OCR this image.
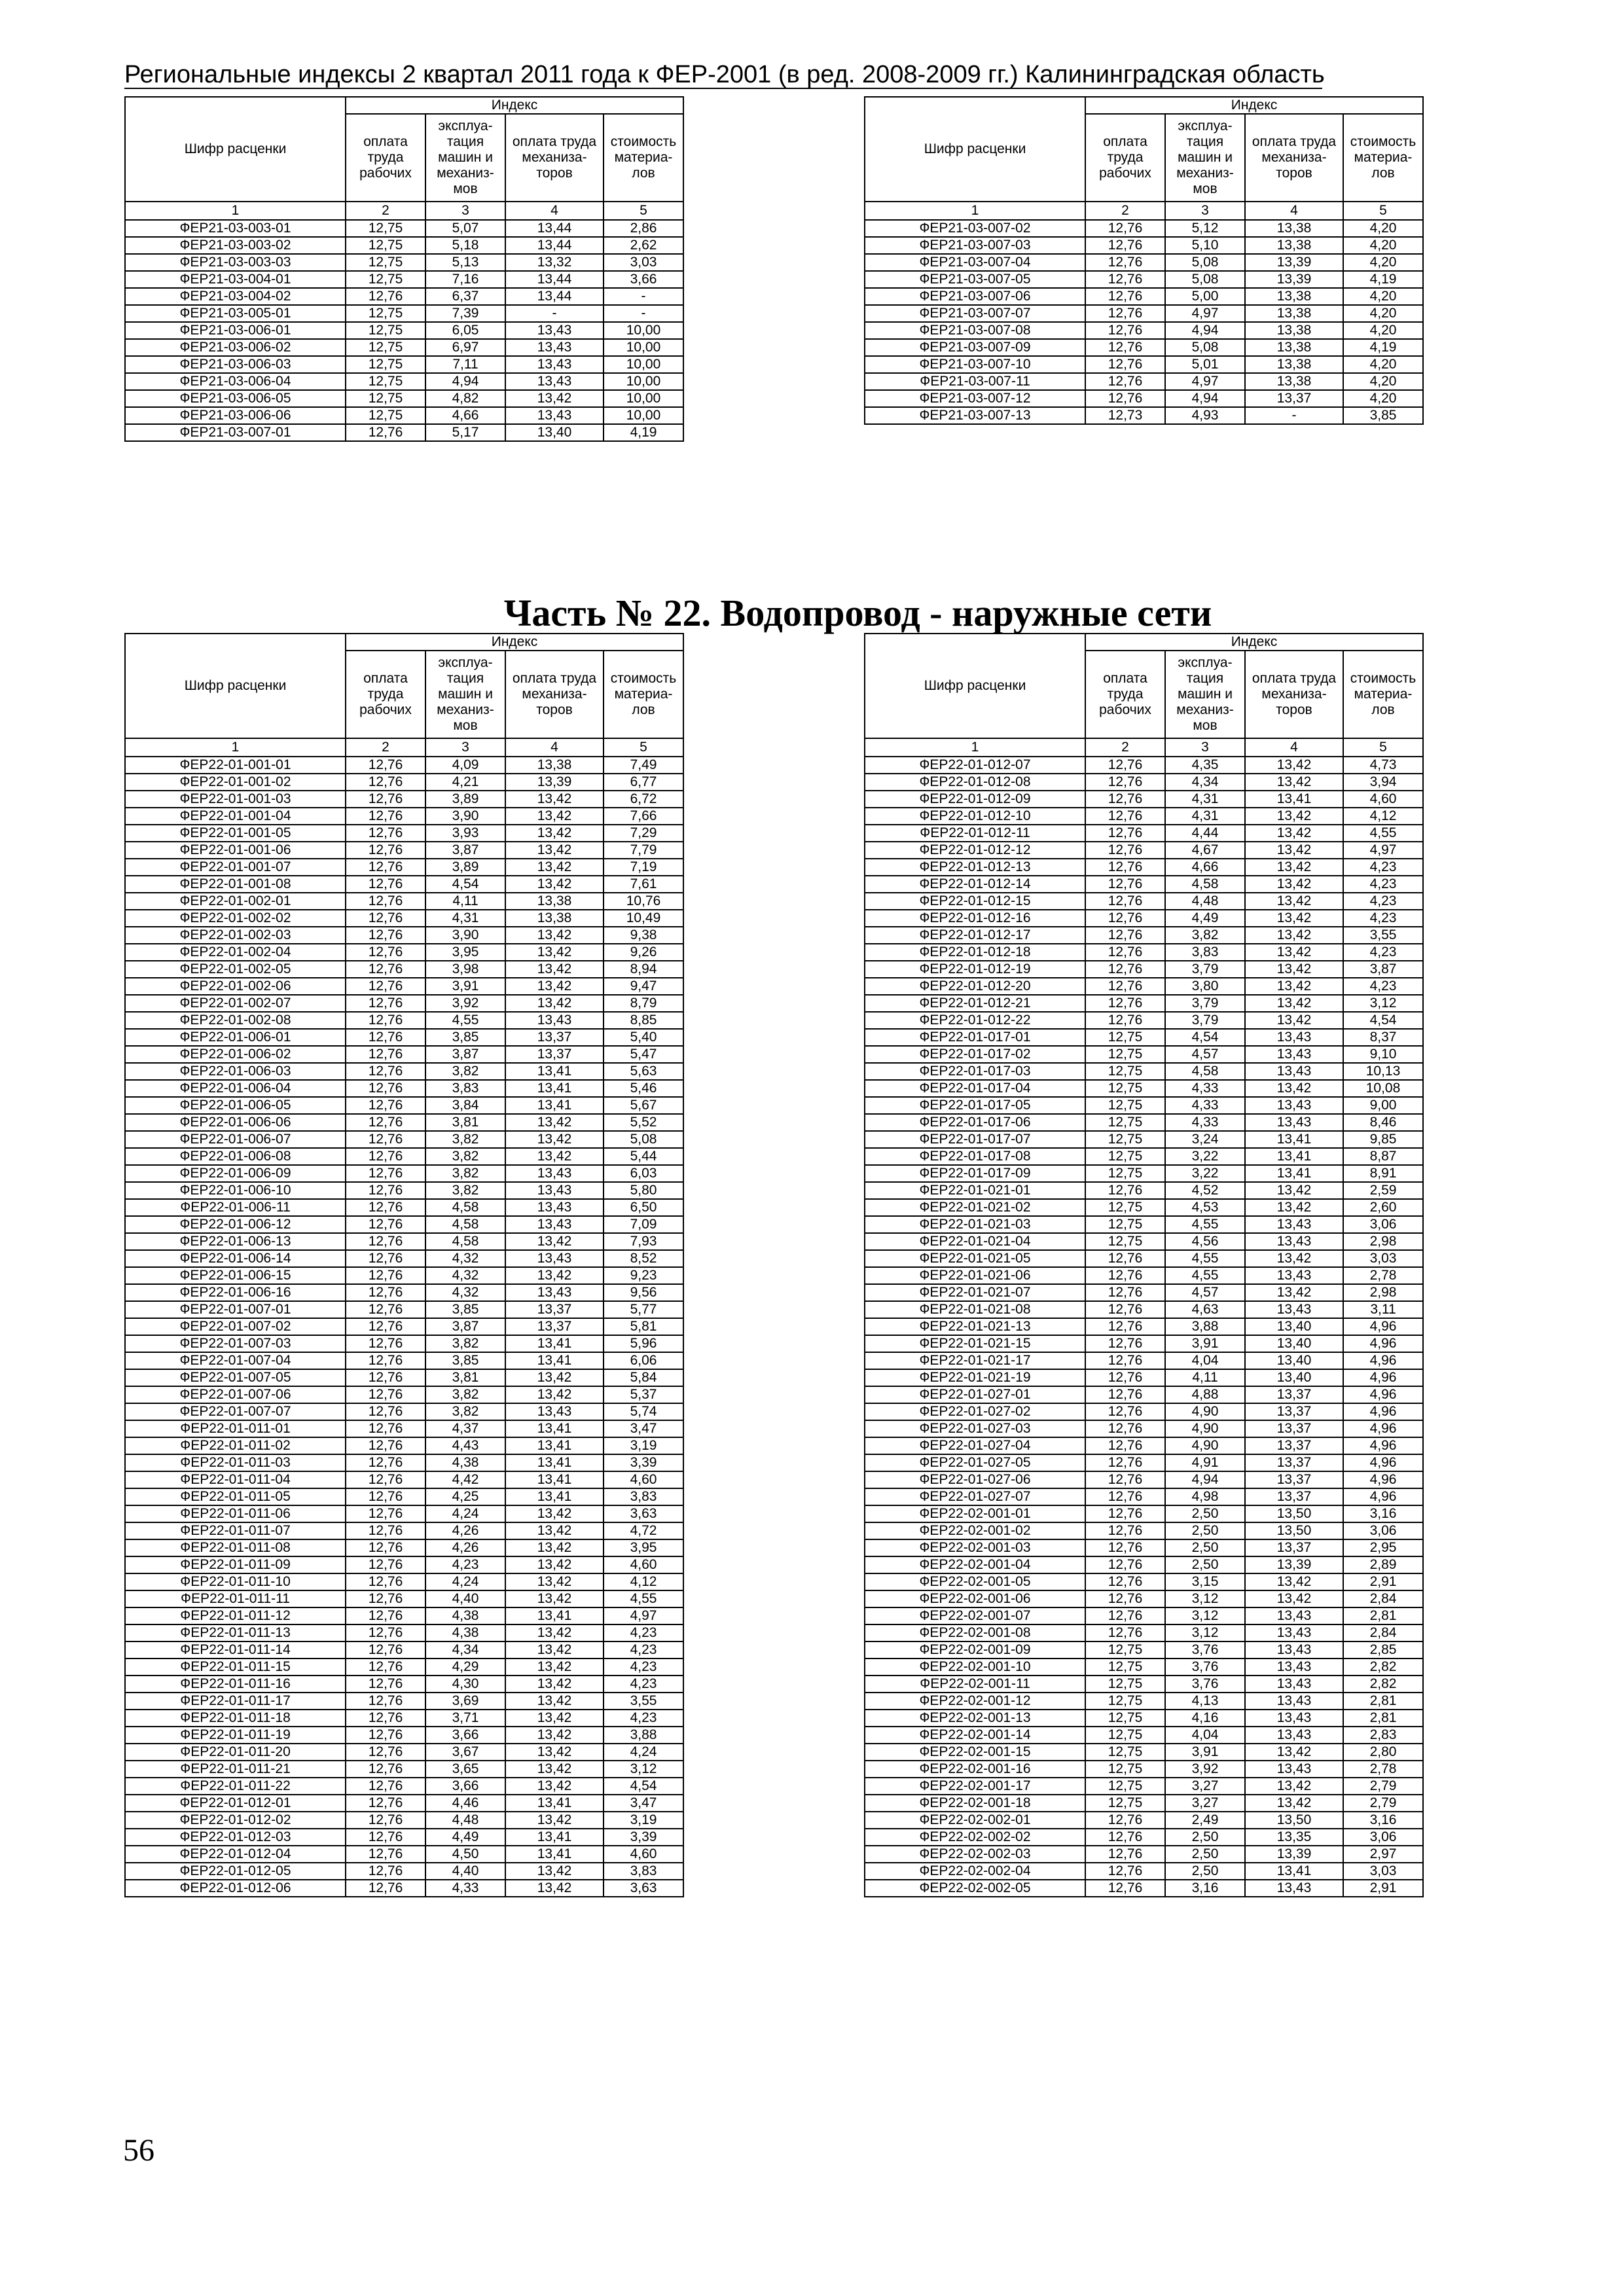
Региональные индексы 2 квартал 2011 года к ФЕР-2001 (в ред. 2008-2009 гг.) Калининградская область
Шифр расценки	Индекс			
	оплата труда рабочих	эксплуа-тация машин и механиз-мов	оплата труда механиза-торов	стоимость материа-лов
1	2	3	4	5
ФЕР21-03-003-01	12,75	5,07	13,44	2,86
ФЕР21-03-003-02	12,75	5,18	13,44	2,62
ФЕР21-03-003-03	12,75	5,13	13,32	3,03
ФЕР21-03-004-01	12,75	7,16	13,44	3,66
ФЕР21-03-004-02	12,76	6,37	13,44	-
ФЕР21-03-005-01	12,75	7,39	-	-
ФЕР21-03-006-01	12,75	6,05	13,43	10,00
ФЕР21-03-006-02	12,75	6,97	13,43	10,00
ФЕР21-03-006-03	12,75	7,11	13,43	10,00
ФЕР21-03-006-04	12,75	4,94	13,43	10,00
ФЕР21-03-006-05	12,75	4,82	13,42	10,00
ФЕР21-03-006-06	12,75	4,66	13,43	10,00
ФЕР21-03-007-01	12,76	5,17	13,40	4,19
Шифр расценки	Индекс			
	оплата труда рабочих	эксплуа-тация машин и механиз-мов	оплата труда механиза-торов	стоимость материа-лов
1	2	3	4	5
ФЕР21-03-007-02	12,76	5,12	13,38	4,20
ФЕР21-03-007-03	12,76	5,10	13,38	4,20
ФЕР21-03-007-04	12,76	5,08	13,39	4,20
ФЕР21-03-007-05	12,76	5,08	13,39	4,19
ФЕР21-03-007-06	12,76	5,00	13,38	4,20
ФЕР21-03-007-07	12,76	4,97	13,38	4,20
ФЕР21-03-007-08	12,76	4,94	13,38	4,20
ФЕР21-03-007-09	12,76	5,08	13,38	4,19
ФЕР21-03-007-10	12,76	5,01	13,38	4,20
ФЕР21-03-007-11	12,76	4,97	13,38	4,20
ФЕР21-03-007-12	12,76	4,94	13,37	4,20
ФЕР21-03-007-13	12,73	4,93	-	3,85
Часть № 22. Водопровод - наружные сети
Шифр расценки	Индекс			
	оплата труда рабочих	эксплуа-тация машин и механиз-мов	оплата труда механиза-торов	стоимость материа-лов
1	2	3	4	5
ФЕР22-01-001-01	12,76	4,09	13,38	7,49
ФЕР22-01-001-02	12,76	4,21	13,39	6,77
ФЕР22-01-001-03	12,76	3,89	13,42	6,72
ФЕР22-01-001-04	12,76	3,90	13,42	7,66
ФЕР22-01-001-05	12,76	3,93	13,42	7,29
ФЕР22-01-001-06	12,76	3,87	13,42	7,79
ФЕР22-01-001-07	12,76	3,89	13,42	7,19
ФЕР22-01-001-08	12,76	4,54	13,42	7,61
ФЕР22-01-002-01	12,76	4,11	13,38	10,76
ФЕР22-01-002-02	12,76	4,31	13,38	10,49
ФЕР22-01-002-03	12,76	3,90	13,42	9,38
ФЕР22-01-002-04	12,76	3,95	13,42	9,26
ФЕР22-01-002-05	12,76	3,98	13,42	8,94
ФЕР22-01-002-06	12,76	3,91	13,42	9,47
ФЕР22-01-002-07	12,76	3,92	13,42	8,79
ФЕР22-01-002-08	12,76	4,55	13,43	8,85
ФЕР22-01-006-01	12,76	3,85	13,37	5,40
ФЕР22-01-006-02	12,76	3,87	13,37	5,47
ФЕР22-01-006-03	12,76	3,82	13,41	5,63
ФЕР22-01-006-04	12,76	3,83	13,41	5,46
ФЕР22-01-006-05	12,76	3,84	13,41	5,67
ФЕР22-01-006-06	12,76	3,81	13,42	5,52
ФЕР22-01-006-07	12,76	3,82	13,42	5,08
ФЕР22-01-006-08	12,76	3,82	13,42	5,44
ФЕР22-01-006-09	12,76	3,82	13,43	6,03
ФЕР22-01-006-10	12,76	3,82	13,43	5,80
ФЕР22-01-006-11	12,76	4,58	13,43	6,50
ФЕР22-01-006-12	12,76	4,58	13,43	7,09
ФЕР22-01-006-13	12,76	4,58	13,42	7,93
ФЕР22-01-006-14	12,76	4,32	13,43	8,52
ФЕР22-01-006-15	12,76	4,32	13,42	9,23
ФЕР22-01-006-16	12,76	4,32	13,43	9,56
ФЕР22-01-007-01	12,76	3,85	13,37	5,77
ФЕР22-01-007-02	12,76	3,87	13,37	5,81
ФЕР22-01-007-03	12,76	3,82	13,41	5,96
ФЕР22-01-007-04	12,76	3,85	13,41	6,06
ФЕР22-01-007-05	12,76	3,81	13,42	5,84
ФЕР22-01-007-06	12,76	3,82	13,42	5,37
ФЕР22-01-007-07	12,76	3,82	13,43	5,74
ФЕР22-01-011-01	12,76	4,37	13,41	3,47
ФЕР22-01-011-02	12,76	4,43	13,41	3,19
ФЕР22-01-011-03	12,76	4,38	13,41	3,39
ФЕР22-01-011-04	12,76	4,42	13,41	4,60
ФЕР22-01-011-05	12,76	4,25	13,41	3,83
ФЕР22-01-011-06	12,76	4,24	13,42	3,63
ФЕР22-01-011-07	12,76	4,26	13,42	4,72
ФЕР22-01-011-08	12,76	4,26	13,42	3,95
ФЕР22-01-011-09	12,76	4,23	13,42	4,60
ФЕР22-01-011-10	12,76	4,24	13,42	4,12
ФЕР22-01-011-11	12,76	4,40	13,42	4,55
ФЕР22-01-011-12	12,76	4,38	13,41	4,97
ФЕР22-01-011-13	12,76	4,38	13,42	4,23
ФЕР22-01-011-14	12,76	4,34	13,42	4,23
ФЕР22-01-011-15	12,76	4,29	13,42	4,23
ФЕР22-01-011-16	12,76	4,30	13,42	4,23
ФЕР22-01-011-17	12,76	3,69	13,42	3,55
ФЕР22-01-011-18	12,76	3,71	13,42	4,23
ФЕР22-01-011-19	12,76	3,66	13,42	3,88
ФЕР22-01-011-20	12,76	3,67	13,42	4,24
ФЕР22-01-011-21	12,76	3,65	13,42	3,12
ФЕР22-01-011-22	12,76	3,66	13,42	4,54
ФЕР22-01-012-01	12,76	4,46	13,41	3,47
ФЕР22-01-012-02	12,76	4,48	13,42	3,19
ФЕР22-01-012-03	12,76	4,49	13,41	3,39
ФЕР22-01-012-04	12,76	4,50	13,41	4,60
ФЕР22-01-012-05	12,76	4,40	13,42	3,83
ФЕР22-01-012-06	12,76	4,33	13,42	3,63
Шифр расценки	Индекс			
	оплата труда рабочих	эксплуа-тация машин и механиз-мов	оплата труда механиза-торов	стоимость материа-лов
1	2	3	4	5
ФЕР22-01-012-07	12,76	4,35	13,42	4,73
ФЕР22-01-012-08	12,76	4,34	13,42	3,94
ФЕР22-01-012-09	12,76	4,31	13,41	4,60
ФЕР22-01-012-10	12,76	4,31	13,42	4,12
ФЕР22-01-012-11	12,76	4,44	13,42	4,55
ФЕР22-01-012-12	12,76	4,67	13,42	4,97
ФЕР22-01-012-13	12,76	4,66	13,42	4,23
ФЕР22-01-012-14	12,76	4,58	13,42	4,23
ФЕР22-01-012-15	12,76	4,48	13,42	4,23
ФЕР22-01-012-16	12,76	4,49	13,42	4,23
ФЕР22-01-012-17	12,76	3,82	13,42	3,55
ФЕР22-01-012-18	12,76	3,83	13,42	4,23
ФЕР22-01-012-19	12,76	3,79	13,42	3,87
ФЕР22-01-012-20	12,76	3,80	13,42	4,23
ФЕР22-01-012-21	12,76	3,79	13,42	3,12
ФЕР22-01-012-22	12,76	3,79	13,42	4,54
ФЕР22-01-017-01	12,75	4,54	13,43	8,37
ФЕР22-01-017-02	12,75	4,57	13,43	9,10
ФЕР22-01-017-03	12,75	4,58	13,43	10,13
ФЕР22-01-017-04	12,75	4,33	13,42	10,08
ФЕР22-01-017-05	12,75	4,33	13,43	9,00
ФЕР22-01-017-06	12,75	4,33	13,43	8,46
ФЕР22-01-017-07	12,75	3,24	13,41	9,85
ФЕР22-01-017-08	12,75	3,22	13,41	8,87
ФЕР22-01-017-09	12,75	3,22	13,41	8,91
ФЕР22-01-021-01	12,76	4,52	13,42	2,59
ФЕР22-01-021-02	12,75	4,53	13,42	2,60
ФЕР22-01-021-03	12,75	4,55	13,43	3,06
ФЕР22-01-021-04	12,75	4,56	13,43	2,98
ФЕР22-01-021-05	12,76	4,55	13,42	3,03
ФЕР22-01-021-06	12,76	4,55	13,43	2,78
ФЕР22-01-021-07	12,76	4,57	13,42	2,98
ФЕР22-01-021-08	12,76	4,63	13,43	3,11
ФЕР22-01-021-13	12,76	3,88	13,40	4,96
ФЕР22-01-021-15	12,76	3,91	13,40	4,96
ФЕР22-01-021-17	12,76	4,04	13,40	4,96
ФЕР22-01-021-19	12,76	4,11	13,40	4,96
ФЕР22-01-027-01	12,76	4,88	13,37	4,96
ФЕР22-01-027-02	12,76	4,90	13,37	4,96
ФЕР22-01-027-03	12,76	4,90	13,37	4,96
ФЕР22-01-027-04	12,76	4,90	13,37	4,96
ФЕР22-01-027-05	12,76	4,91	13,37	4,96
ФЕР22-01-027-06	12,76	4,94	13,37	4,96
ФЕР22-01-027-07	12,76	4,98	13,37	4,96
ФЕР22-02-001-01	12,76	2,50	13,50	3,16
ФЕР22-02-001-02	12,76	2,50	13,50	3,06
ФЕР22-02-001-03	12,76	2,50	13,37	2,95
ФЕР22-02-001-04	12,76	2,50	13,39	2,89
ФЕР22-02-001-05	12,76	3,15	13,42	2,91
ФЕР22-02-001-06	12,76	3,12	13,42	2,84
ФЕР22-02-001-07	12,76	3,12	13,43	2,81
ФЕР22-02-001-08	12,76	3,12	13,43	2,84
ФЕР22-02-001-09	12,75	3,76	13,43	2,85
ФЕР22-02-001-10	12,75	3,76	13,43	2,82
ФЕР22-02-001-11	12,75	3,76	13,43	2,82
ФЕР22-02-001-12	12,75	4,13	13,43	2,81
ФЕР22-02-001-13	12,75	4,16	13,43	2,81
ФЕР22-02-001-14	12,75	4,04	13,43	2,83
ФЕР22-02-001-15	12,75	3,91	13,42	2,80
ФЕР22-02-001-16	12,75	3,92	13,43	2,78
ФЕР22-02-001-17	12,75	3,27	13,42	2,79
ФЕР22-02-001-18	12,75	3,27	13,42	2,79
ФЕР22-02-002-01	12,76	2,49	13,50	3,16
ФЕР22-02-002-02	12,76	2,50	13,35	3,06
ФЕР22-02-002-03	12,76	2,50	13,39	2,97
ФЕР22-02-002-04	12,76	2,50	13,41	3,03
ФЕР22-02-002-05	12,76	3,16	13,43	2,91
56
